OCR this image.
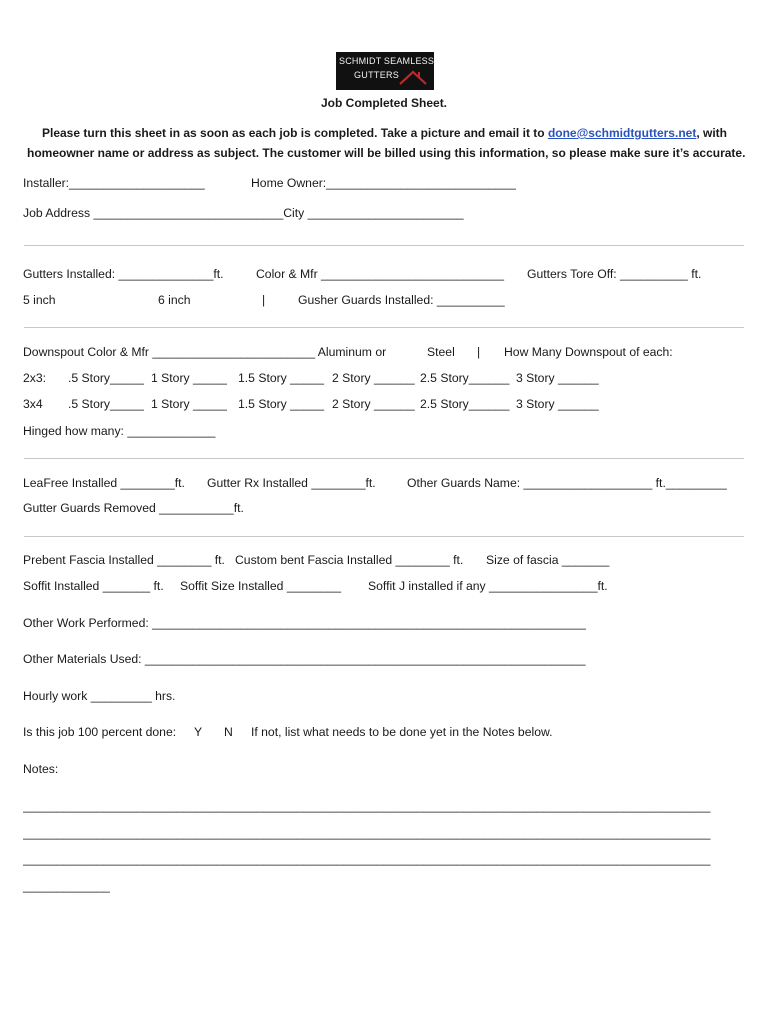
SCHMIDT SEAMLESS
GUTTERS
Job Completed Sheet.
Please turn this sheet in as soon as each job is completed. Take a picture and email it to done@schmidtgutters.net, with
homeowner name or address as subject. The customer will be billed using this information, so please make sure it’s accurate.
Installer:____________________	Home Owner:____________________________
Job Address ____________________________City _______________________
Gutters Installed: ______________ft.	Color & Mfr ___________________________ Gutters Tore Off: __________ ft.
5 inch	6 inch	|	Gusher Guards Installed: __________
Downspout Color & Mfr ________________________ Aluminum or	Steel | How Many Downspout of each:
2x3: .5 Story_____ 1 Story _____ 1.5 Story _____ 2 Story ______ 2.5 Story______ 3 Story ______
3x4 .5 Story_____ 1 Story _____ 1.5 Story _____ 2 Story ______ 2.5 Story______ 3 Story ______
Hinged how many: _____________
LeaFree Installed ________ft. Gutter Rx Installed ________ft.	Other Guards Name: ___________________ ft._________
Gutter Guards Removed ___________ft.
Prebent Fascia Installed ________ ft. Custom bent Fascia Installed ________ ft. Size of fascia _______
Soffit Installed _______ ft. Soffit Size Installed ________ Soffit J installed if any ________________ft.
Other Work Performed: ________________________________________________________________
Other Materials Used: _________________________________________________________________
Hourly work _________ hrs.
Is this job 100 percent done: Y N If not, list what needs to be done yet in the Notes below.
Notes:
_______________________________________________________________________________________________________
_______________________________________________________________________________________________________
_______________________________________________________________________________________________________
_____________
